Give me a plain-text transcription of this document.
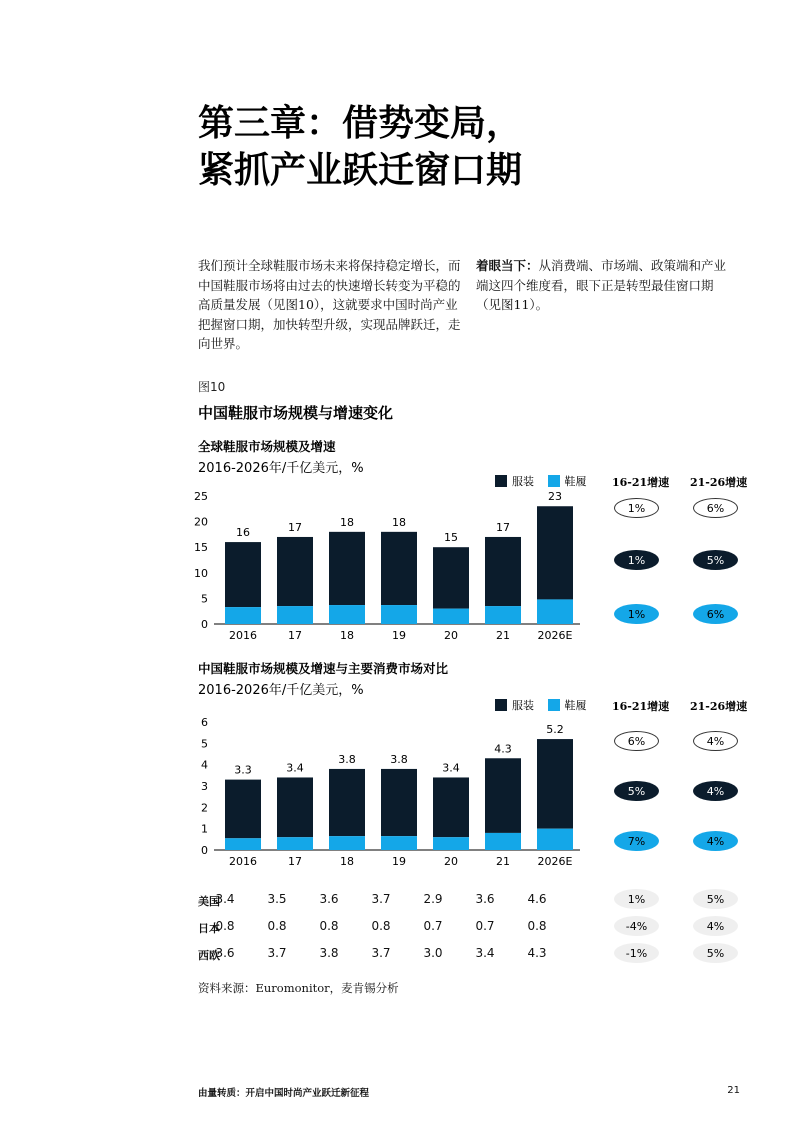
第三章：借势变局，
紧抓产业跃迁窗口期
我们预计全球鞋服市场未来将保持稳定增长，而中国鞋服市场将由过去的快速增长转变为平稳的高质量发展（见图10），这就要求中国时尚产业把握窗口期，加快转型升级，实现品牌跃迁，走向世界。
着眼当下：从消费端、市场端、政策端和产业端这四个维度看，眼下正是转型最佳窗口期（见图11）。
图10
中国鞋服市场规模与增速变化
全球鞋服市场规模及增速
2016-2026年/千亿美元，%
服装	鞋履 16-21增速 21-26增速
0
5
10
15
20
25
16
2016
17
17
18
18
18
19
15
20
17
21
23
2026E
1%	6%
1%	5%
1%	6%
中国鞋服市场规模及增速与主要消费市场对比
2016-2026年/千亿美元，%
服装	鞋履 16-21增速 21-26增速
0
1
2
3
4
5
6
3.3
2016
3.4
17
3.8
18
3.8
19
3.4
20
4.3
21
5.2
2026E
6%	4%
5%	4%
7%	4%
美国
3.4	3.5	3.6	3.7	2.9	3.6	4.6	1%	5%
日本
0.8	0.8	0.8	0.8	0.7	0.7	0.8	-4%	4%
西欧
3.6	3.7	3.8	3.7	3.0	3.4	4.3	-1%	5%
资料来源：Euromonitor，麦肯锡分析
由量转质：开启中国时尚产业跃迁新征程	21
